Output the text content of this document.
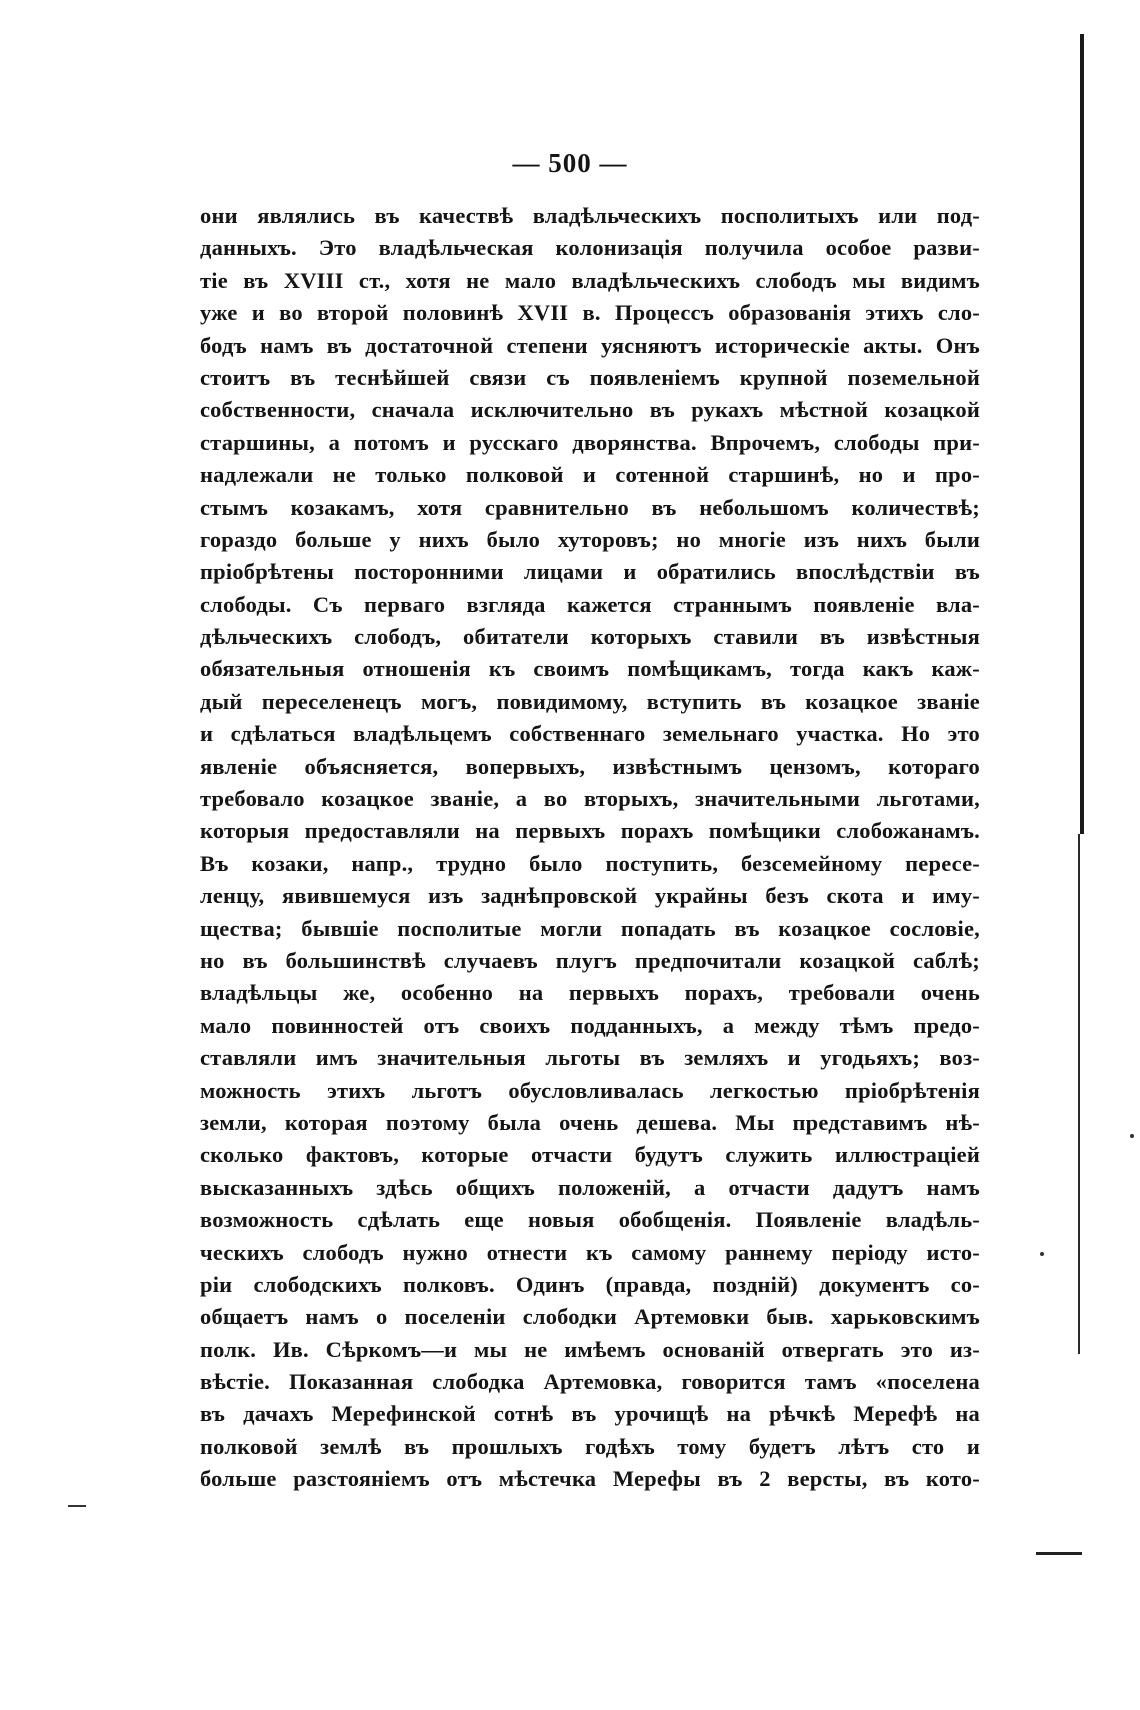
— 500 —
они являлись въ качествѣ владѣльческихъ посполитыхъ или под-
данныхъ. Это владѣльческая колонизація получила особое разви-
тіе въ XVIII ст., хотя не мало владѣльческихъ слободъ мы видимъ
уже и во второй половинѣ XVII в. Процессъ образованія этихъ сло-
бодъ намъ въ достаточной степени уясняютъ историческіе акты. Онъ
стоитъ въ теснѣйшей связи съ появленіемъ крупной поземельной
собственности, сначала исключительно въ рукахъ мѣстной козацкой
старшины, а потомъ и русскаго дворянства. Впрочемъ, слободы при-
надлежали не только полковой и сотенной старшинѣ, но и про-
стымъ козакамъ, хотя сравнительно въ небольшомъ количествѣ;
гораздо больше у нихъ было хуторовъ; но многіе изъ нихъ были
пріобрѣтены посторонними лицами и обратились впослѣдствіи въ
слободы. Съ перваго взгляда кажется страннымъ появленіе вла-
дѣльческихъ слободъ, обитатели которыхъ ставили въ извѣстныя
обязательныя отношенія къ своимъ помѣщикамъ, тогда какъ каж-
дый переселенецъ могъ, повидимому, вступить въ козацкое званіе
и сдѣлаться владѣльцемъ собственнаго земельнаго участка. Но это
явленіе объясняется, вопервыхъ, извѣстнымъ цензомъ, котораго
требовало козацкое званіе, а во вторыхъ, значительными льготами,
которыя предоставляли на первыхъ порахъ помѣщики слобожанамъ.
Въ козаки, напр., трудно было поступить, безсемейному пересе-
ленцу, явившемуся изъ заднѣпровской украйны безъ скота и иму-
щества; бывшіе посполитые могли попадать въ козацкое сословіе,
но въ большинствѣ случаевъ плугъ предпочитали козацкой саблѣ;
владѣльцы же, особенно на первыхъ порахъ, требовали очень
мало повинностей отъ своихъ подданныхъ, а между тѣмъ предо-
ставляли имъ значительныя льготы въ земляхъ и угодьяхъ; воз-
можность этихъ льготъ обусловливалась легкостью пріобрѣтенія
земли, которая поэтому была очень дешева. Мы представимъ нѣ-
сколько фактовъ, которые отчасти будутъ служить иллюстраціей
высказанныхъ здѣсь общихъ положеній, а отчасти дадутъ намъ
возможность сдѣлать еще новыя обобщенія. Появленіе владѣль-
ческихъ слободъ нужно отнести къ самому раннему періоду исто-
ріи слободскихъ полковъ. Одинъ (правда, позднiй) документъ со-
общаетъ намъ о поселеніи слободки Артемовки быв. харьковскимъ
полк. Ив. Сѣркомъ—и мы не имѣемъ основаній отвергать это из-
вѣстіе. Показанная слободка Артемовка, говорится тамъ «поселена
въ дачахъ Мерефинской сотнѣ въ урочищѣ на рѣчкѣ Мерефѣ на
полковой землѣ въ прошлыхъ годѣхъ тому будетъ лѣтъ сто и
больше разстояніемъ отъ мѣстечка Мерефы въ 2 версты, въ кото-
